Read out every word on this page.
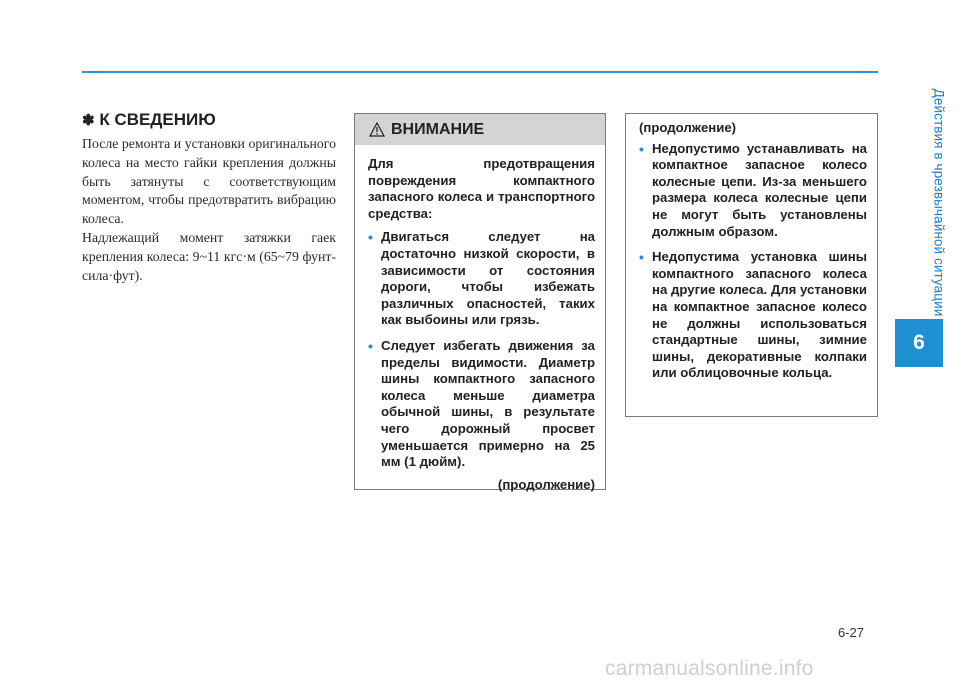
Действия в чрезвычайной ситуации
6
✽ К СВЕДЕНИЮ

После ремонта и установки оригинального колеса на место гайки крепления должны быть затянуты с соответствующим моментом, чтобы предотвратить вибрацию колеса.

Надлежащий момент затяжки гаек крепления колеса: 9~11 кгс·м (65~79 фунт-сила·фут).

ВНИМАНИЕ

Для предотвращения повреждения компактного запасного колеса и транспортного средства:

• Двигаться следует на достаточно низкой скорости, в зависимости от состояния дороги, чтобы избежать различных опасностей, таких как выбоины или грязь.
• Следует избегать движения за пределы видимости. Диаметр шины компактного запасного колеса меньше диаметра обычной шины, в результате чего дорожный просвет уменьшается примерно на 25 мм (1 дюйм).

(продолжение)

(продолжение)

• Недопустимо устанавливать на компактное запасное колесо колесные цепи. Из-за меньшего размера колеса колесные цепи не могут быть установлены должным образом.
• Недопустима установка шины компактного запасного колеса на другие колеса. Для установки на компактное запасное колесо не должны использоваться стандартные шины, зимние шины, декоративные колпаки или облицовочные кольца.
6-27
carmanualsonline.info
